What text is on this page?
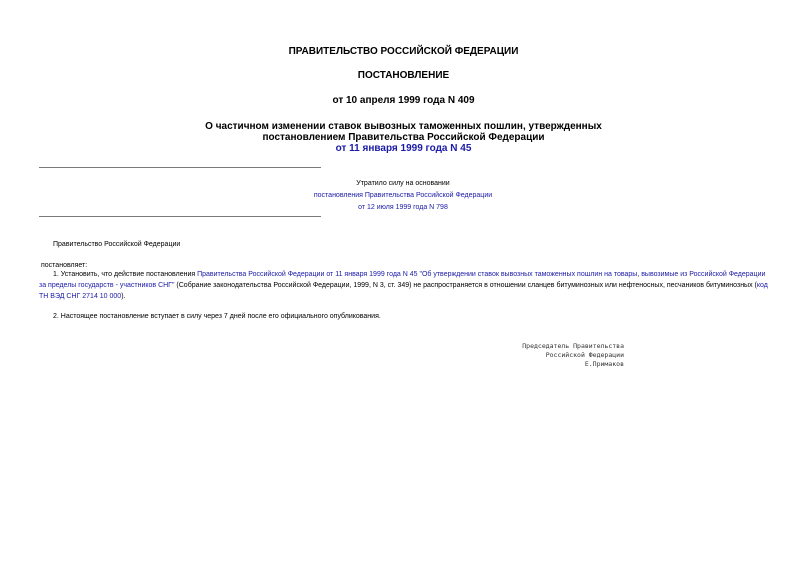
ПРАВИТЕЛЬСТВО РОССИЙСКОЙ ФЕДЕРАЦИИ
ПОСТАНОВЛЕНИЕ
от 10 апреля 1999 года N 409
О частичном изменении ставок вывозных таможенных пошлин, утвержденных
постановлением Правительства Российской Федерации
от 11 января 1999 года N 45
Утратило силу на основании
постановления Правительства Российской Федерации
от 12 июля 1999 года N 798
Правительство Российской Федерации
постановляет:
1. Установить, что действие постановления Правительства Российской Федерации от 11 января 1999 года N 45 "Об утверждении ставок вывозных таможенных пошлин на товары, вывозимые из Российской Федерации за пределы государств - участников СНГ" (Собрание законодательства Российской Федерации, 1999, N 3, ст. 349) не распространяется в отношении сланцев битуминозных или нефтеносных, песчаников битуминозных (код ТН ВЭД СНГ 2714 10 000).
2. Настоящее постановление вступает в силу через 7 дней после его официального опубликования.
Председатель Правительства
Российской Федерации
Е.Примаков
